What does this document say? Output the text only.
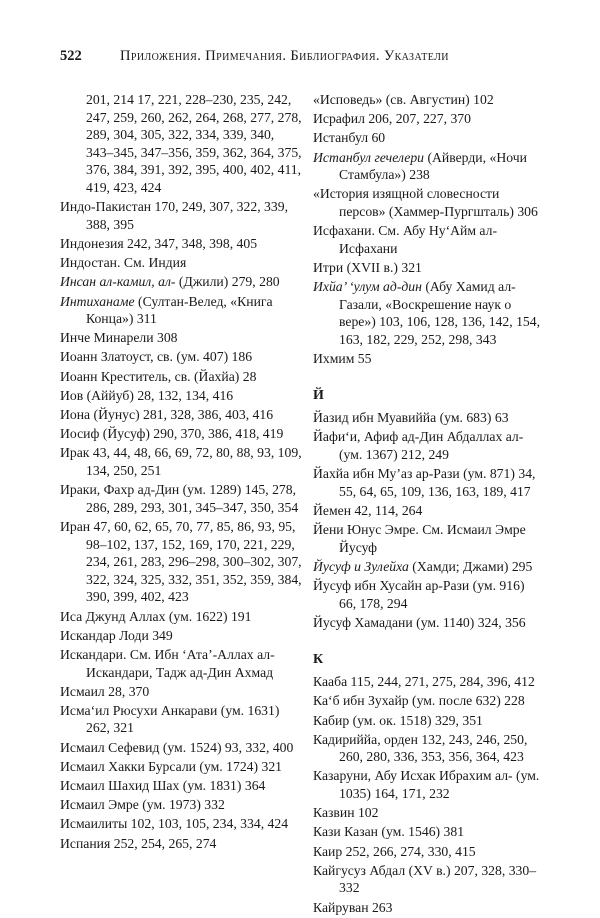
522	Приложения. Примечания. Библиография. Указатели
201, 214 17, 221, 228–230, 235, 242, 247, 259, 260, 262, 264, 268, 277, 278, 289, 304, 305, 322, 334, 339, 340, 343–345, 347–356, 359, 362, 364, 375, 376, 384, 391, 392, 395, 400, 402, 411, 419, 423, 424
Индо-Пакистан 170, 249, 307, 322, 339, 388, 395
Индонезия 242, 347, 348, 398, 405
Индостан. См. Индия
Инсан ал-камил, ал- (Джили) 279, 280
Интиханаме (Султан-Велед, «Книга Конца») 311
Инче Минарели 308
Иоанн Златоуст, св. (ум. 407) 186
Иоанн Креститель, св. (Йахйа) 28
Иов (Аййуб) 28, 132, 134, 416
Иона (Йунус) 281, 328, 386, 403, 416
Иосиф (Йусуф) 290, 370, 386, 418, 419
Ирак 43, 44, 48, 66, 69, 72, 80, 88, 93, 109, 134, 250, 251
Ираки, Фахр ад-Дин (ум. 1289) 145, 278, 286, 289, 293, 301, 345–347, 350, 354
Иран 47, 60, 62, 65, 70, 77, 85, 86, 93, 95, 98–102, 137, 152, 169, 170, 221, 229, 234, 261, 283, 296–298, 300–302, 307, 322, 324, 325, 332, 351, 352, 359, 384, 390, 399, 402, 423
Иса Джунд Аллах (ум. 1622) 191
Искандар Лоди 349
Искандари. См. Ибн ‘Ата’-Аллах ал-Искандари, Тадж ад-Дин Ахмад
Исмаил 28, 370
Исма‘ил Рюсухи Анкарави (ум. 1631) 262, 321
Исмаил Сефевид (ум. 1524) 93, 332, 400
Исмаил Хакки Бурсали (ум. 1724) 321
Исмаил Шахид Шах (ум. 1831) 364
Исмаил Эмре (ум. 1973) 332
Исмаилиты 102, 103, 105, 234, 334, 424
Испания 252, 254, 265, 274
«Исповедь» (св. Августин) 102
Исрафил 206, 207, 227, 370
Истанбул 60
Истанбул гечелери (Айверди, «Ночи Стамбула») 238
«История изящной словесности персов» (Хаммер-Пургшталь) 306
Исфахани. См. Абу Ну‘Айм ал-Исфахани
Итри (XVII в.) 321
Ихйа’ ‘улум ад-дин (Абу Хамид ал-Газали, «Воскрешение наук о вере») 103, 106, 128, 136, 142, 154, 163, 182, 229, 252, 298, 343
Ихмим 55
Й
Йазид ибн Муавиййа (ум. 683) 63
Йафи‘и, Афиф ад-Дин Абдаллах ал- (ум. 1367) 212, 249
Йахйа ибн Му’аз ар-Рази (ум. 871) 34, 55, 64, 65, 109, 136, 163, 189, 417
Йемен 42, 114, 264
Йени Юнус Эмре. См. Исмаил Эмре Йусуф
Йусуф и Зулейха (Хамди; Джами) 295
Йусуф ибн Хусайн ар-Рази (ум. 916) 66, 178, 294
Йусуф Хамадани (ум. 1140) 324, 356
К
Кааба 115, 244, 271, 275, 284, 396, 412
Ка‘б ибн Зухайр (ум. после 632) 228
Кабир (ум. ок. 1518) 329, 351
Кадириййа, орден 132, 243, 246, 250, 260, 280, 336, 353, 356, 364, 423
Казаруни, Абу Исхак Ибрахим ал- (ум. 1035) 164, 171, 232
Казвин 102
Кази Казан (ум. 1546) 381
Каир 252, 266, 274, 330, 415
Кайгусуз Абдал (XV в.) 207, 328, 330–332
Кайруван 263
